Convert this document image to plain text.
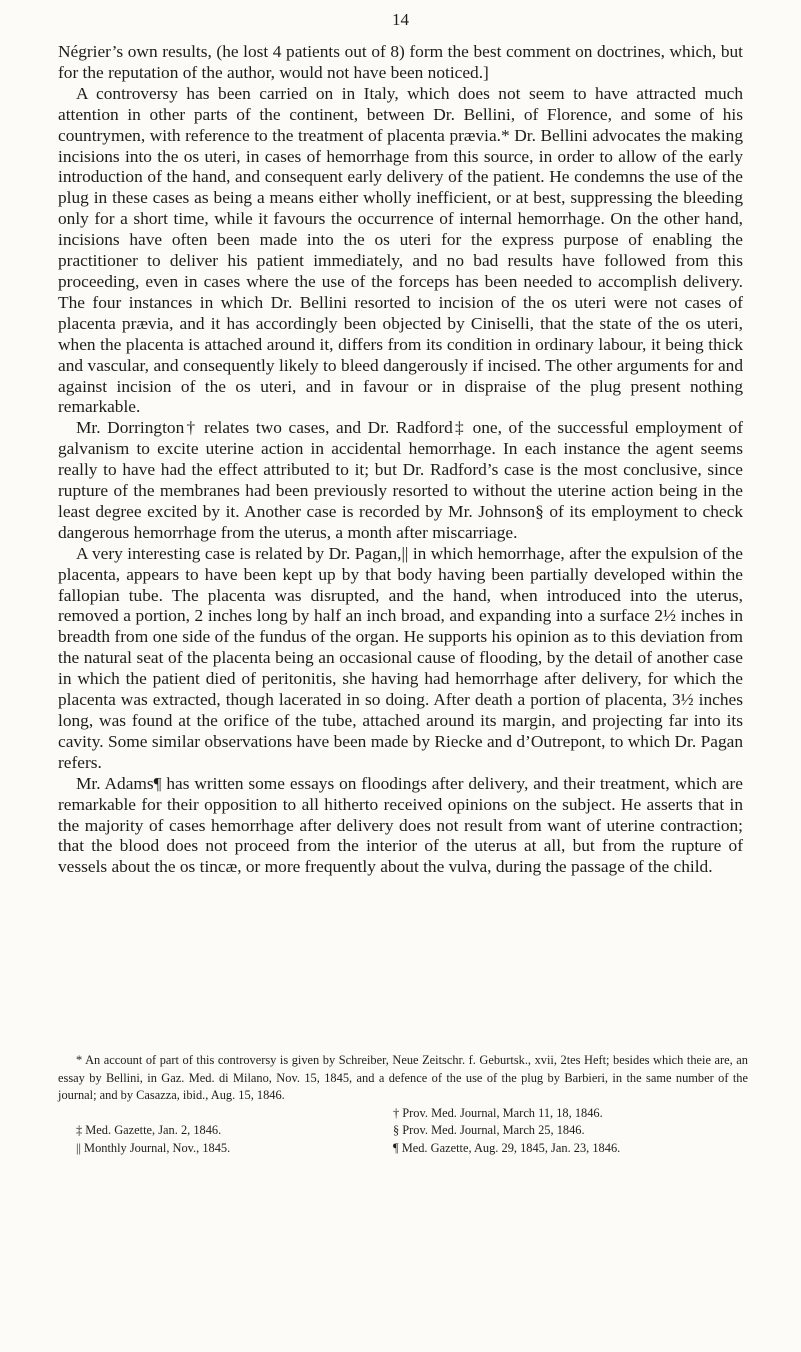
14

Négrier’s own results, (he lost 4 patients out of 8) form the best comment on doctrines, which, but for the reputation of the author, would not have been noticed.]

A controversy has been carried on in Italy, which does not seem to have attracted much attention in other parts of the continent, between Dr. Bellini, of Florence, and some of his countrymen, with reference to the treatment of placenta prævia.* Dr. Bellini advocates the making incisions into the os uteri, in cases of hemorrhage from this source, in order to allow of the early introduction of the hand, and consequent early delivery of the patient. He condemns the use of the plug in these cases as being a means either wholly inefficient, or at best, suppressing the bleeding only for a short time, while it favours the occurrence of internal hemorrhage. On the other hand, incisions have often been made into the os uteri for the express purpose of enabling the practitioner to deliver his patient immediately, and no bad results have followed from this proceeding, even in cases where the use of the forceps has been needed to accomplish delivery. The four instances in which Dr. Bellini resorted to incision of the os uteri were not cases of placenta prævia, and it has accordingly been objected by Ciniselli, that the state of the os uteri, when the placenta is attached around it, differs from its condition in ordinary labour, it being thick and vascular, and consequently likely to bleed dangerously if incised. The other arguments for and against incision of the os uteri, and in favour or in dispraise of the plug present nothing remarkable.

Mr. Dorrington† relates two cases, and Dr. Radford‡ one, of the successful employment of galvanism to excite uterine action in accidental hemorrhage. In each instance the agent seems really to have had the effect attributed to it; but Dr. Radford’s case is the most conclusive, since rupture of the membranes had been previously resorted to without the uterine action being in the least degree excited by it. Another case is recorded by Mr. Johnson§ of its employment to check dangerous hemorrhage from the uterus, a month after miscarriage.

A very interesting case is related by Dr. Pagan,|| in which hemorrhage, after the expulsion of the placenta, appears to have been kept up by that body having been partially developed within the fallopian tube. The placenta was disrupted, and the hand, when introduced into the uterus, removed a portion, 2 inches long by half an inch broad, and expanding into a surface 2½ inches in breadth from one side of the fundus of the organ. He supports his opinion as to this deviation from the natural seat of the placenta being an occasional cause of flooding, by the detail of another case in which the patient died of peritonitis, she having had hemorrhage after delivery, for which the placenta was extracted, though lacerated in so doing. After death a portion of placenta, 3½ inches long, was found at the orifice of the tube, attached around its margin, and projecting far into its cavity. Some similar observations have been made by Riecke and d’Outrepont, to which Dr. Pagan refers.

Mr. Adams¶ has written some essays on floodings after delivery, and their treatment, which are remarkable for their opposition to all hitherto received opinions on the subject. He asserts that in the majority of cases hemorrhage after delivery does not result from want of uterine contraction; that the blood does not proceed from the interior of the uterus at all, but from the rupture of vessels about the os tincæ, or more frequently about the vulva, during the passage of the child.

* An account of part of this controversy is given by Schreiber, Neue Zeitschr. f. Geburtsk., xvii, 2tes Heft; besides which theie are, an essay by Bellini, in Gaz. Med. di Milano, Nov. 15, 1845, and a defence of the use of the plug by Barbieri, in the same number of the journal; and by Casazza, ibid., Aug. 15, 1846.

† Prov. Med. Journal, March 11, 18, 1846.
‡ Med. Gazette, Jan. 2, 1846.	§ Prov. Med. Journal, March 25, 1846.
|| Monthly Journal, Nov., 1845.	¶ Med. Gazette, Aug. 29, 1845, Jan. 23, 1846.
